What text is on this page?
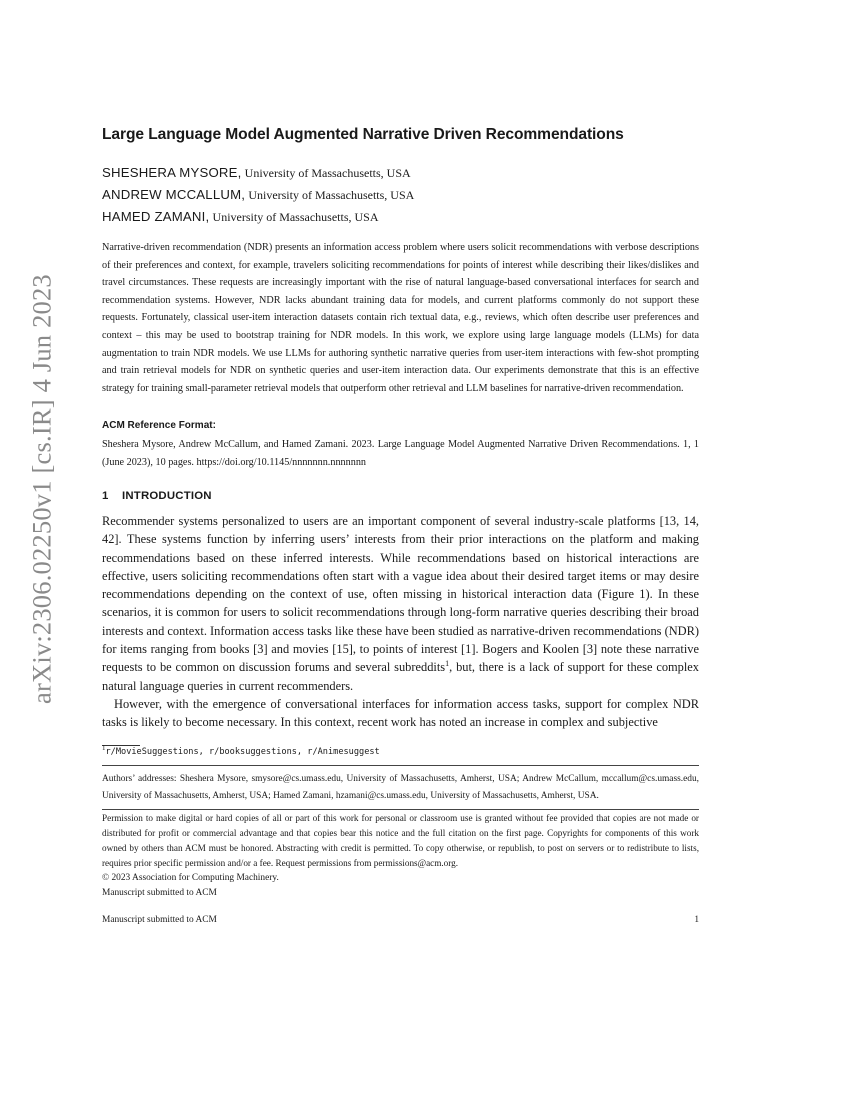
arXiv:2306.02250v1 [cs.IR] 4 Jun 2023
Large Language Model Augmented Narrative Driven Recommendations
SHESHERA MYSORE, University of Massachusetts, USA
ANDREW MCCALLUM, University of Massachusetts, USA
HAMED ZAMANI, University of Massachusetts, USA
Narrative-driven recommendation (NDR) presents an information access problem where users solicit recommendations with verbose descriptions of their preferences and context, for example, travelers soliciting recommendations for points of interest while describing their likes/dislikes and travel circumstances. These requests are increasingly important with the rise of natural language-based conversational interfaces for search and recommendation systems. However, NDR lacks abundant training data for models, and current platforms commonly do not support these requests. Fortunately, classical user-item interaction datasets contain rich textual data, e.g., reviews, which often describe user preferences and context – this may be used to bootstrap training for NDR models. In this work, we explore using large language models (LLMs) for data augmentation to train NDR models. We use LLMs for authoring synthetic narrative queries from user-item interactions with few-shot prompting and train retrieval models for NDR on synthetic queries and user-item interaction data. Our experiments demonstrate that this is an effective strategy for training small-parameter retrieval models that outperform other retrieval and LLM baselines for narrative-driven recommendation.
ACM Reference Format:
Sheshera Mysore, Andrew McCallum, and Hamed Zamani. 2023. Large Language Model Augmented Narrative Driven Recommendations. 1, 1 (June 2023), 10 pages. https://doi.org/10.1145/nnnnnnn.nnnnnnn
1 INTRODUCTION

Recommender systems personalized to users are an important component of several industry-scale platforms [13, 14, 42]. These systems function by inferring users’ interests from their prior interactions on the platform and making recommendations based on these inferred interests. While recommendations based on historical interactions are effective, users soliciting recommendations often start with a vague idea about their desired target items or may desire recommendations depending on the context of use, often missing in historical interaction data (Figure 1). In these scenarios, it is common for users to solicit recommendations through long-form narrative queries describing their broad interests and context. Information access tasks like these have been studied as narrative-driven recommendations (NDR) for items ranging from books [3] and movies [15], to points of interest [1]. Bogers and Koolen [3] note these narrative requests to be common on discussion forums and several subreddits$^1$, but, there is a lack of support for these complex natural language queries in current recommenders.

However, with the emergence of conversational interfaces for information access tasks, support for complex NDR tasks is likely to become necessary. In this context, recent work has noted an increase in complex and subjective

$^1$r/MovieSuggestions, r/booksuggestions, r/Animesuggest
Authors’ addresses: Sheshera Mysore, smysore@cs.umass.edu, University of Massachusetts, Amherst, USA; Andrew McCallum, mccallum@cs.umass.edu, University of Massachusetts, Amherst, USA; Hamed Zamani, hzamani@cs.umass.edu, University of Massachusetts, Amherst, USA.
Permission to make digital or hard copies of all or part of this work for personal or classroom use is granted without fee provided that copies are not made or distributed for profit or commercial advantage and that copies bear this notice and the full citation on the first page. Copyrights for components of this work owned by others than ACM must be honored. Abstracting with credit is permitted. To copy otherwise, or republish, to post on servers or to redistribute to lists, requires prior specific permission and/or a fee. Request permissions from permissions@acm.org.
© 2023 Association for Computing Machinery.
Manuscript submitted to ACM
Manuscript submitted to ACM	1
